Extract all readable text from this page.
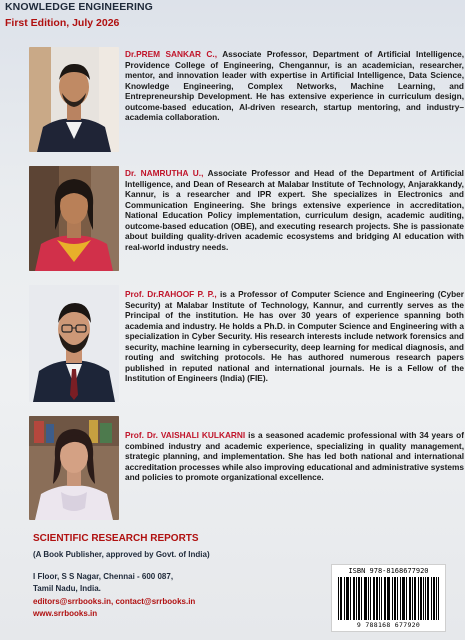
KNOWLEDGE ENGINEERING
First Edition, July 2026
Dr.PREM SANKAR C., Associate Professor, Department of Artificial Intelligence, Providence College of Engineering, Chengannur, is an academician, researcher, mentor, and innovation leader with expertise in Artificial Intelligence, Data Science, Knowledge Engineering, Complex Networks, Machine Learning, and Entrepreneurship Development. He has extensive experience in curriculum design, outcome-based education, AI-driven research, startup mentoring, and industry–academia collaboration.
Dr. NAMRUTHA U., Associate Professor and Head of the Department of Artificial Intelligence, and Dean of Research at Malabar Institute of Technology, Anjarakkandy, Kannur, is a researcher and IPR expert. She specializes in Electronics and Communication Engineering. She brings extensive experience in accreditation, National Education Policy implementation, curriculum design, academic auditing, outcome-based education (OBE), and executing research projects. She is passionate about building quality-driven academic ecosystems and bridging AI education with real-world industry needs.
Prof. Dr.RAHOOF P. P., is a Professor of Computer Science and Engineering (Cyber Security) at Malabar Institute of Technology, Kannur, and currently serves as the Principal of the institution. He has over 30 years of experience spanning both academia and industry. He holds a Ph.D. in Computer Science and Engineering with a specialization in Cyber Security. His research interests include network forensics and security, machine learning in cybersecurity, deep learning for medical diagnosis, and routing and switching protocols. He has authored numerous research papers published in reputed national and international journals. He is a Fellow of the Institution of Engineers (India) (FIE).
Prof. Dr. VAISHALI KULKARNI is a seasoned academic professional with 34 years of combined industry and academic experience, specializing in quality management, strategic planning, and implementation. She has led both national and international accreditation processes while also improving educational and administrative systems and policies to promote organizational excellence.
SCIENTIFIC RESEARCH REPORTS
(A Book Publisher, approved by Govt. of India)
I Floor, S S Nagar, Chennai - 600 087,
Tamil Nadu, India.
editors@srrbooks.in, contact@srrbooks.in
www.srrbooks.in
ISBN 978-8168677920
9 788168 677920
